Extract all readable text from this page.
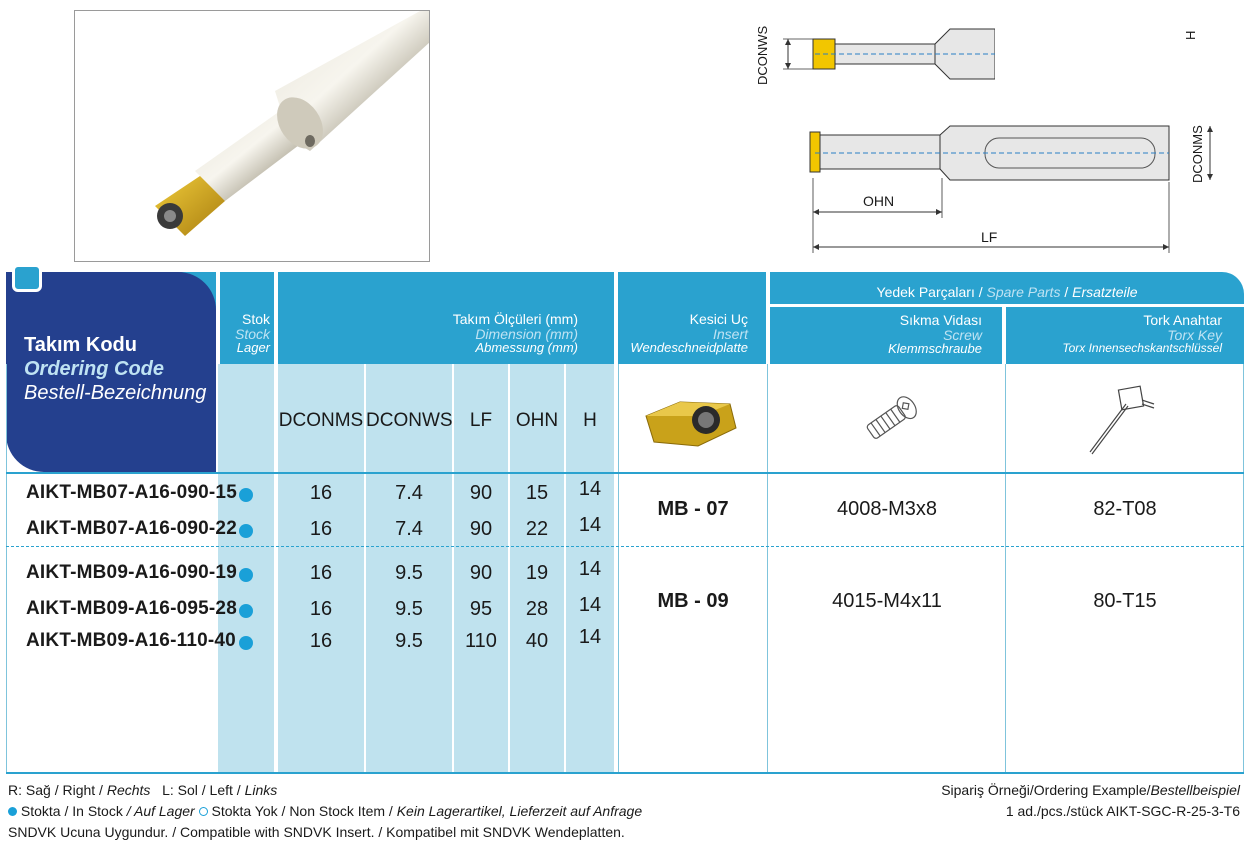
DCONWS	H
OHN
LF
DCONMS
Takım Kodu
Ordering Code
Bestell-Bezeichnung
Stok
Stock
Lager
Takım Ölçüleri (mm)
Dimension (mm)
Abmessung (mm)
Kesici Uç
Insert
Wendeschneidplatte
Yedek Parçaları / Spare Parts / Ersatzteile
Sıkma Vidası
Screw
Klemmschraube
Tork Anahtar
Torx Key
Torx Innensechskantschlüssel
DCONMS DCONWS LF	OHN	H
AIKT-MB07-A16-090-15	16	7.4	90	15	14
AIKT-MB07-A16-090-22	16	7.4	90	22	14
AIKT-MB09-A16-090-19	16	9.5	90	19	14
AIKT-MB09-A16-095-28	16	9.5	95	28	14
AIKT-MB09-A16-110-40	16	9.5	110	40	14
MB - 07	4008-M3x8	82-T08
MB - 09	4015-M4x11	80-T15
R: Sağ / Right / Rechts   L: Sol / Left / Links
Stokta / In Stock / Auf Lager  Stokta Yok / Non Stock Item / Kein Lagerartikel, Lieferzeit auf Anfrage
SNDVK Ucuna Uygundur. / Compatible with SNDVK Insert. / Kompatibel mit SNDVK Wendeplatten.
Sipariş Örneği/Ordering Example/Bestellbeispiel
1 ad./pcs./stück AIKT-SGC-R-25-3-T6
